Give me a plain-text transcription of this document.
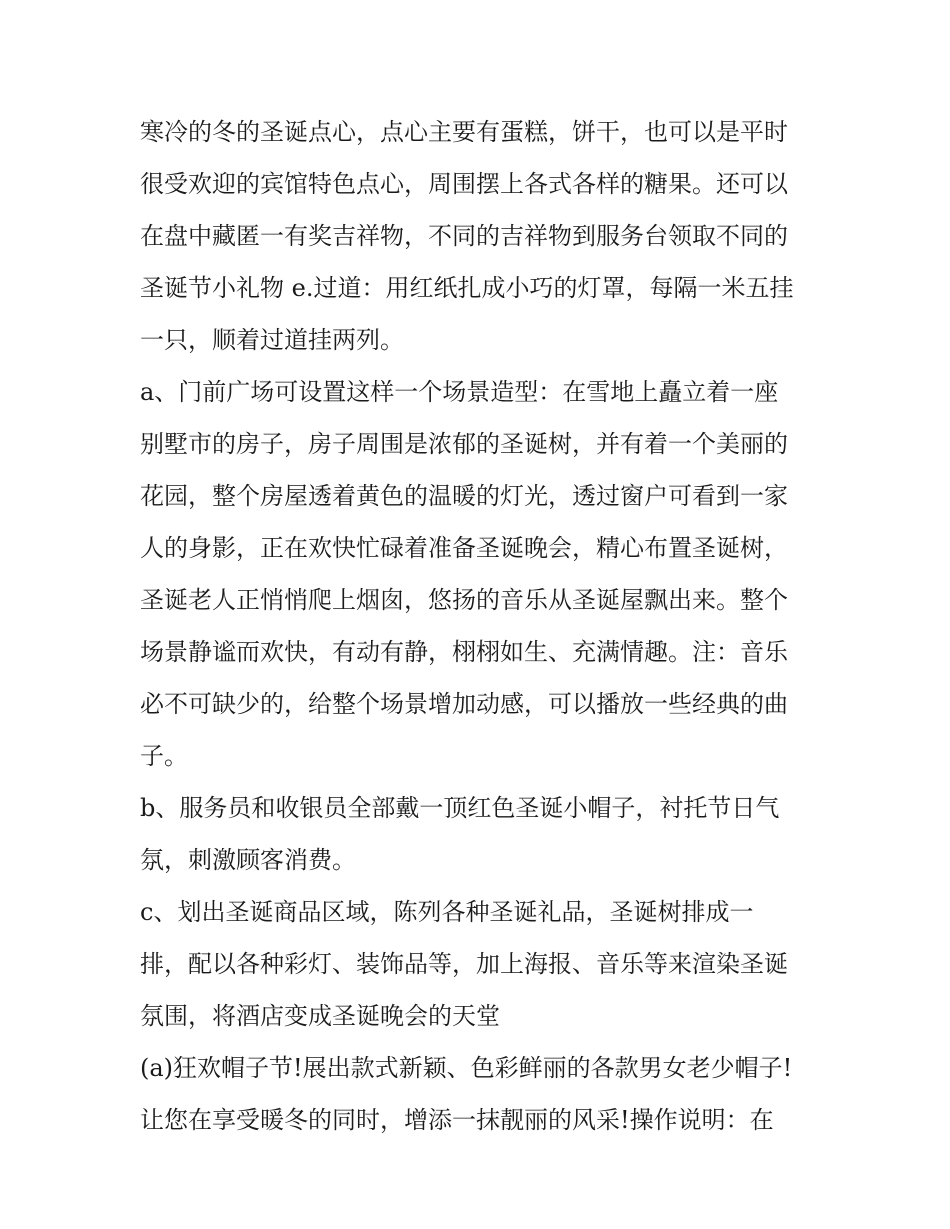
寒冷的冬的圣诞点心，点心主要有蛋糕，饼干，也可以是平时
很受欢迎的宾馆特色点心，周围摆上各式各样的糖果。还可以
在盘中藏匿一有奖吉祥物，不同的吉祥物到服务台领取不同的
圣诞节小礼物 e.过道：用红纸扎成小巧的灯罩，每隔一米五挂
一只，顺着过道挂两列。
a、门前广场可设置这样一个场景造型：在雪地上矗立着一座
别墅市的房子，房子周围是浓郁的圣诞树，并有着一个美丽的
花园，整个房屋透着黄色的温暖的灯光，透过窗户可看到一家
人的身影，正在欢快忙碌着准备圣诞晚会，精心布置圣诞树，
圣诞老人正悄悄爬上烟囱，悠扬的音乐从圣诞屋飘出来。整个
场景静谧而欢快，有动有静，栩栩如生、充满情趣。注：音乐
必不可缺少的，给整个场景增加动感，可以播放一些经典的曲
子。
b、服务员和收银员全部戴一顶红色圣诞小帽子，衬托节日气
氛，刺激顾客消费。
c、划出圣诞商品区域，陈列各种圣诞礼品，圣诞树排成一
排，配以各种彩灯、装饰品等，加上海报、音乐等来渲染圣诞
氛围，将酒店变成圣诞晚会的天堂
(a)狂欢帽子节!展出款式新颖、色彩鲜丽的各款男女老少帽子!
让您在享受暖冬的同时，增添一抹靓丽的风采!操作说明：在
